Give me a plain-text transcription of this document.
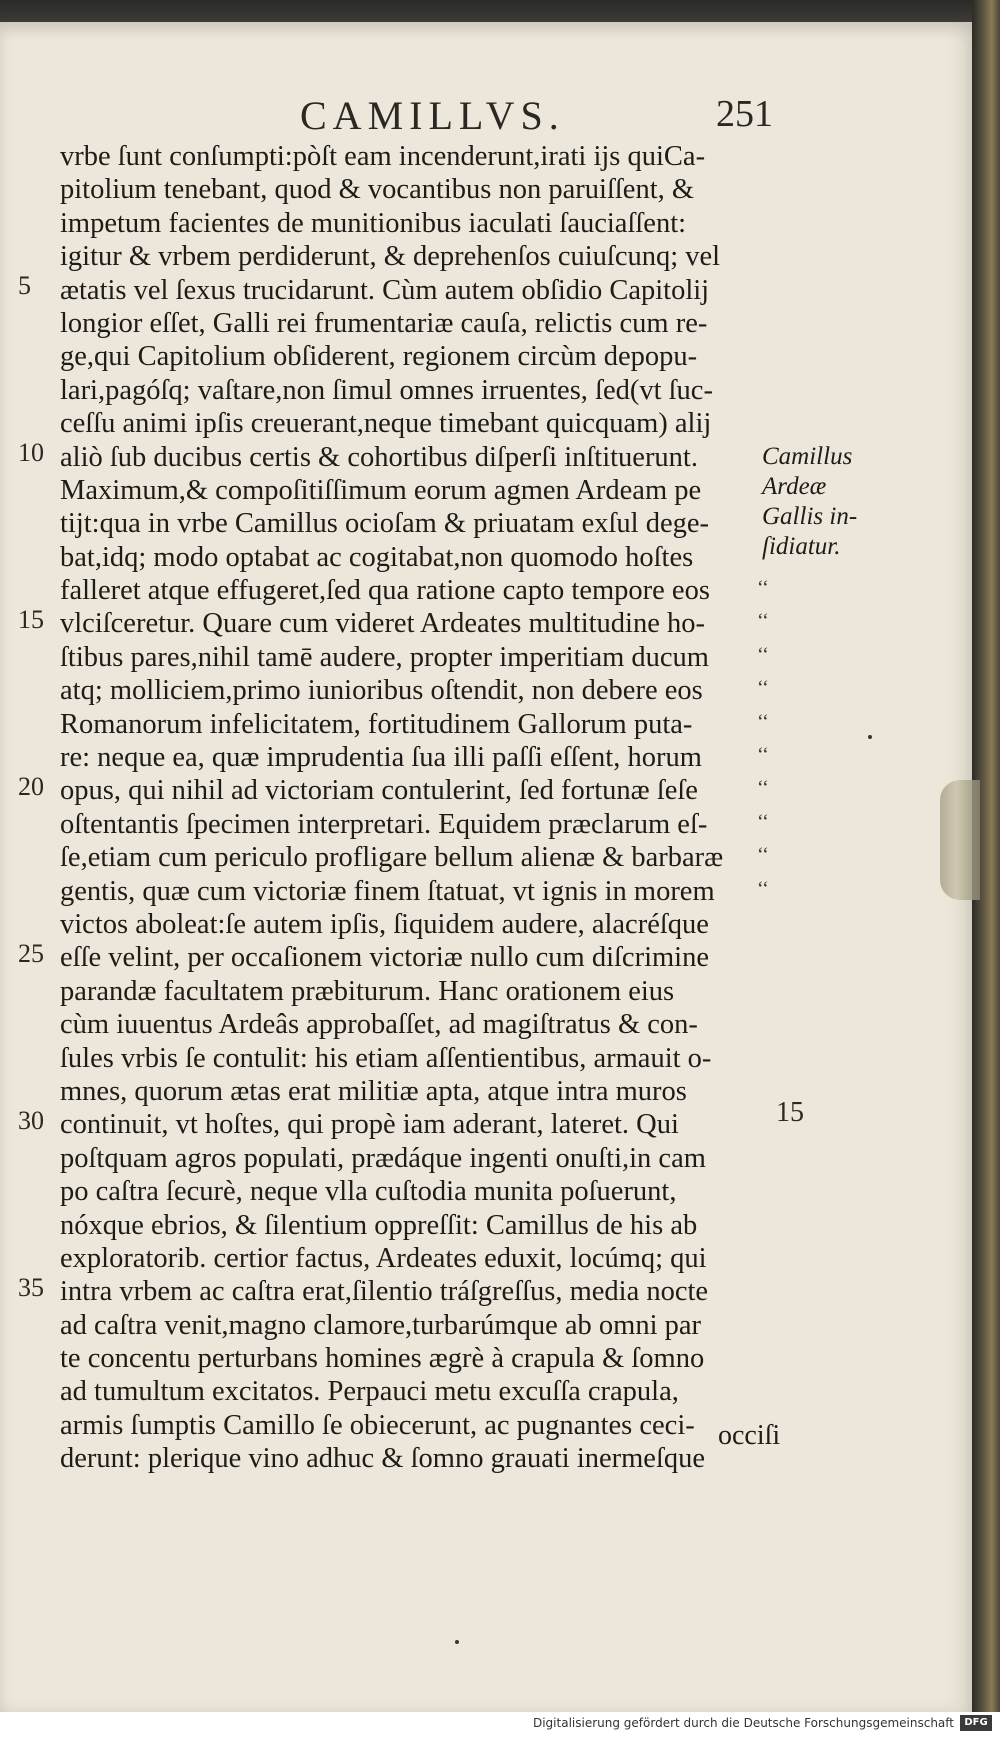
CAMILLVS.	251
vrbe ſunt conſumpti:pòſt eam incenderunt,irati ijs quiCa-
pitolium tenebant, quod & vocantibus non paruiſſent, &
impetum facientes de munitionibus iaculati ſauciaſſent:
igitur & vrbem perdiderunt, & deprehenſos cuiuſcunq; vel
ætatis vel ſexus trucidarunt. Cùm autem obſidio Capitolij
longior eſſet, Galli rei frumentariæ cauſa, relictis cum re-
ge,qui Capitolium obſiderent, regionem circùm depopu-
lari,pagóſq; vaſtare,non ſimul omnes irruentes, ſed(vt ſuc-
ceſſu animi ipſis creuerant,neque timebant quicquam) alij
aliò ſub ducibus certis & cohortibus diſperſi inſtituerunt.
Maximum,& compoſitiſſimum eorum agmen Ardeam pe
tijt:qua in vrbe Camillus ocioſam & priuatam exſul dege-
bat,idq; modo optabat ac cogitabat,non quomodo hoſtes
falleret atque effugeret,ſed qua ratione capto tempore eos
vlciſceretur. Quare cum videret Ardeates multitudine ho-
ſtibus pares,nihil tamē audere, propter imperitiam ducum
atq; molliciem,primo iunioribus oſtendit, non debere eos
Romanorum infelicitatem, fortitudinem Gallorum puta-
re: neque ea, quæ imprudentia ſua illi paſſi eſſent, horum
opus, qui nihil ad victoriam contulerint, ſed fortunæ ſeſe
oſtentantis ſpecimen interpretari. Equidem præclarum eſ-
ſe,etiam cum periculo profligare bellum alienæ & barbaræ
gentis, quæ cum victoriæ finem ſtatuat, vt ignis in morem
victos aboleat:ſe autem ipſis, ſiquidem audere, alacréſque
eſſe velint, per occaſionem victoriæ nullo cum diſcrimine
parandæ facultatem præbiturum. Hanc orationem eius
cùm iuuentus Ardeâs approbaſſet, ad magiſtratus & con-
ſules vrbis ſe contulit: his etiam aſſentientibus, armauit o-
mnes, quorum ætas erat militiæ apta, atque intra muros
continuit, vt hoſtes, qui propè iam aderant, lateret. Qui
poſtquam agros populati, prædáque ingenti onuſti,in cam
po caſtra ſecurè, neque vlla cuſtodia munita poſuerunt,
nóxque ebrios, & ſilentium oppreſſit: Camillus de his ab
exploratorib. certior factus, Ardeates eduxit, locúmq; qui
intra vrbem ac caſtra erat,ſilentio tráſgreſſus, media nocte
ad caſtra venit,magno clamore,turbarúmque ab omni par
te concentu perturbans homines ægrè à crapula & ſomno
ad tumultum excitatos. Perpauci metu excuſſa crapula,
armis ſumptis Camillo ſe obiecerunt, ac pugnantes ceci-
derunt: plerique vino adhuc & ſomno grauati inermeſque
occiſi
5
10
15
20
25
30
35
15
Camillus
Ardeæ
Gallis in-
ſidiatur.
‘‘
‘‘
‘‘
‘‘
‘‘
‘‘
‘‘
‘‘
‘‘
‘‘
Digitalisierung gefördert durch die Deutsche Forschungsgemeinschaft	DFG
